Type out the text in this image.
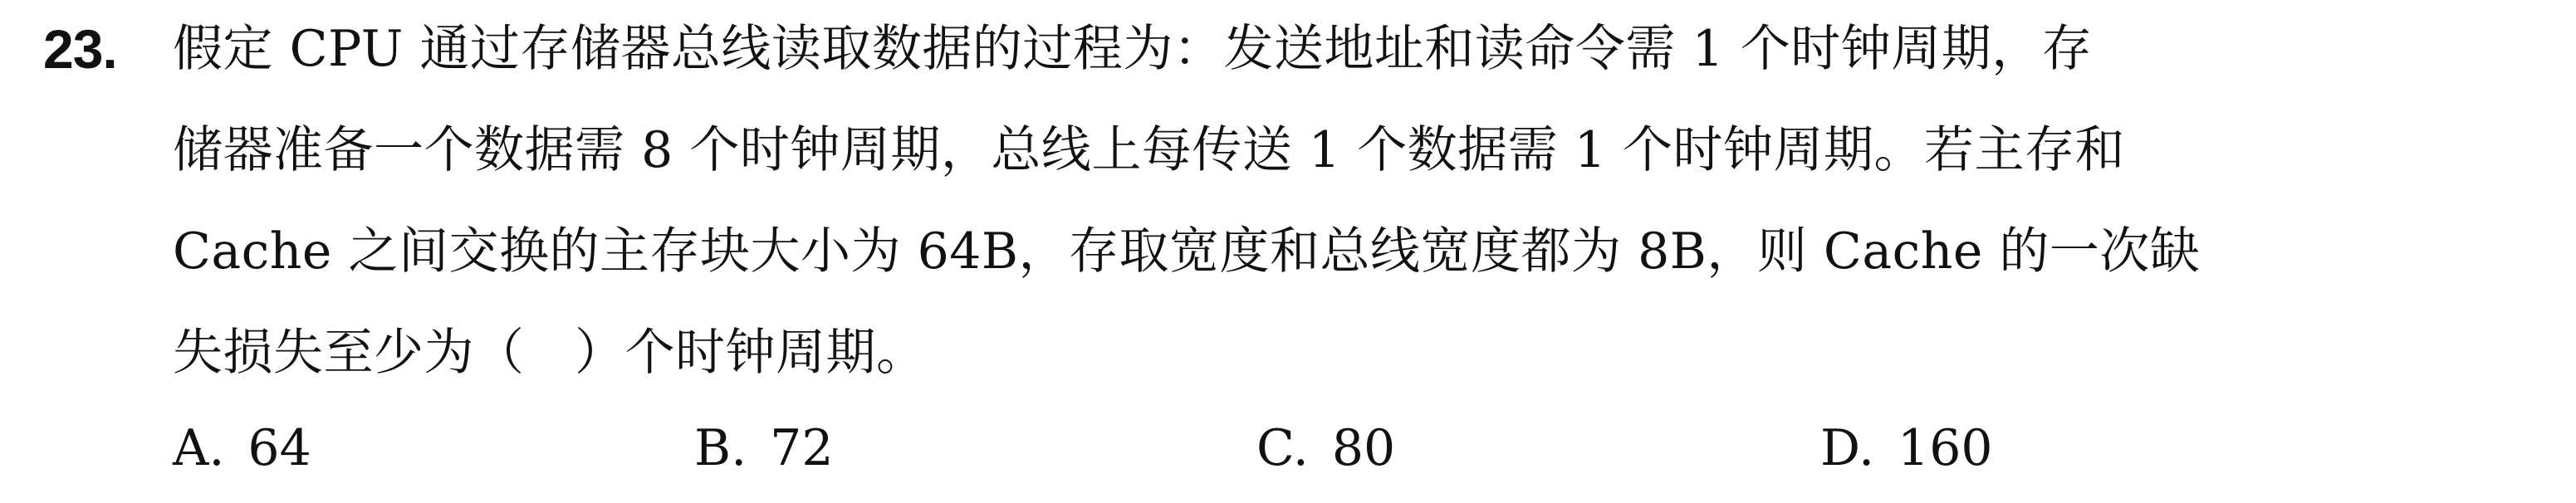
23. 假定 CPU 通过存储器总线读取数据的过程为：发送地址和读命令需 1 个时钟周期，存
储器准备一个数据需 8 个时钟周期，总线上每传送 1 个数据需 1 个时钟周期。若主存和
Cache 之间交换的主存块大小为 64B，存取宽度和总线宽度都为 8B，则 Cache 的一次缺
失损失至少为（　）个时钟周期。
A. 64	B. 72	C. 80	D. 160
